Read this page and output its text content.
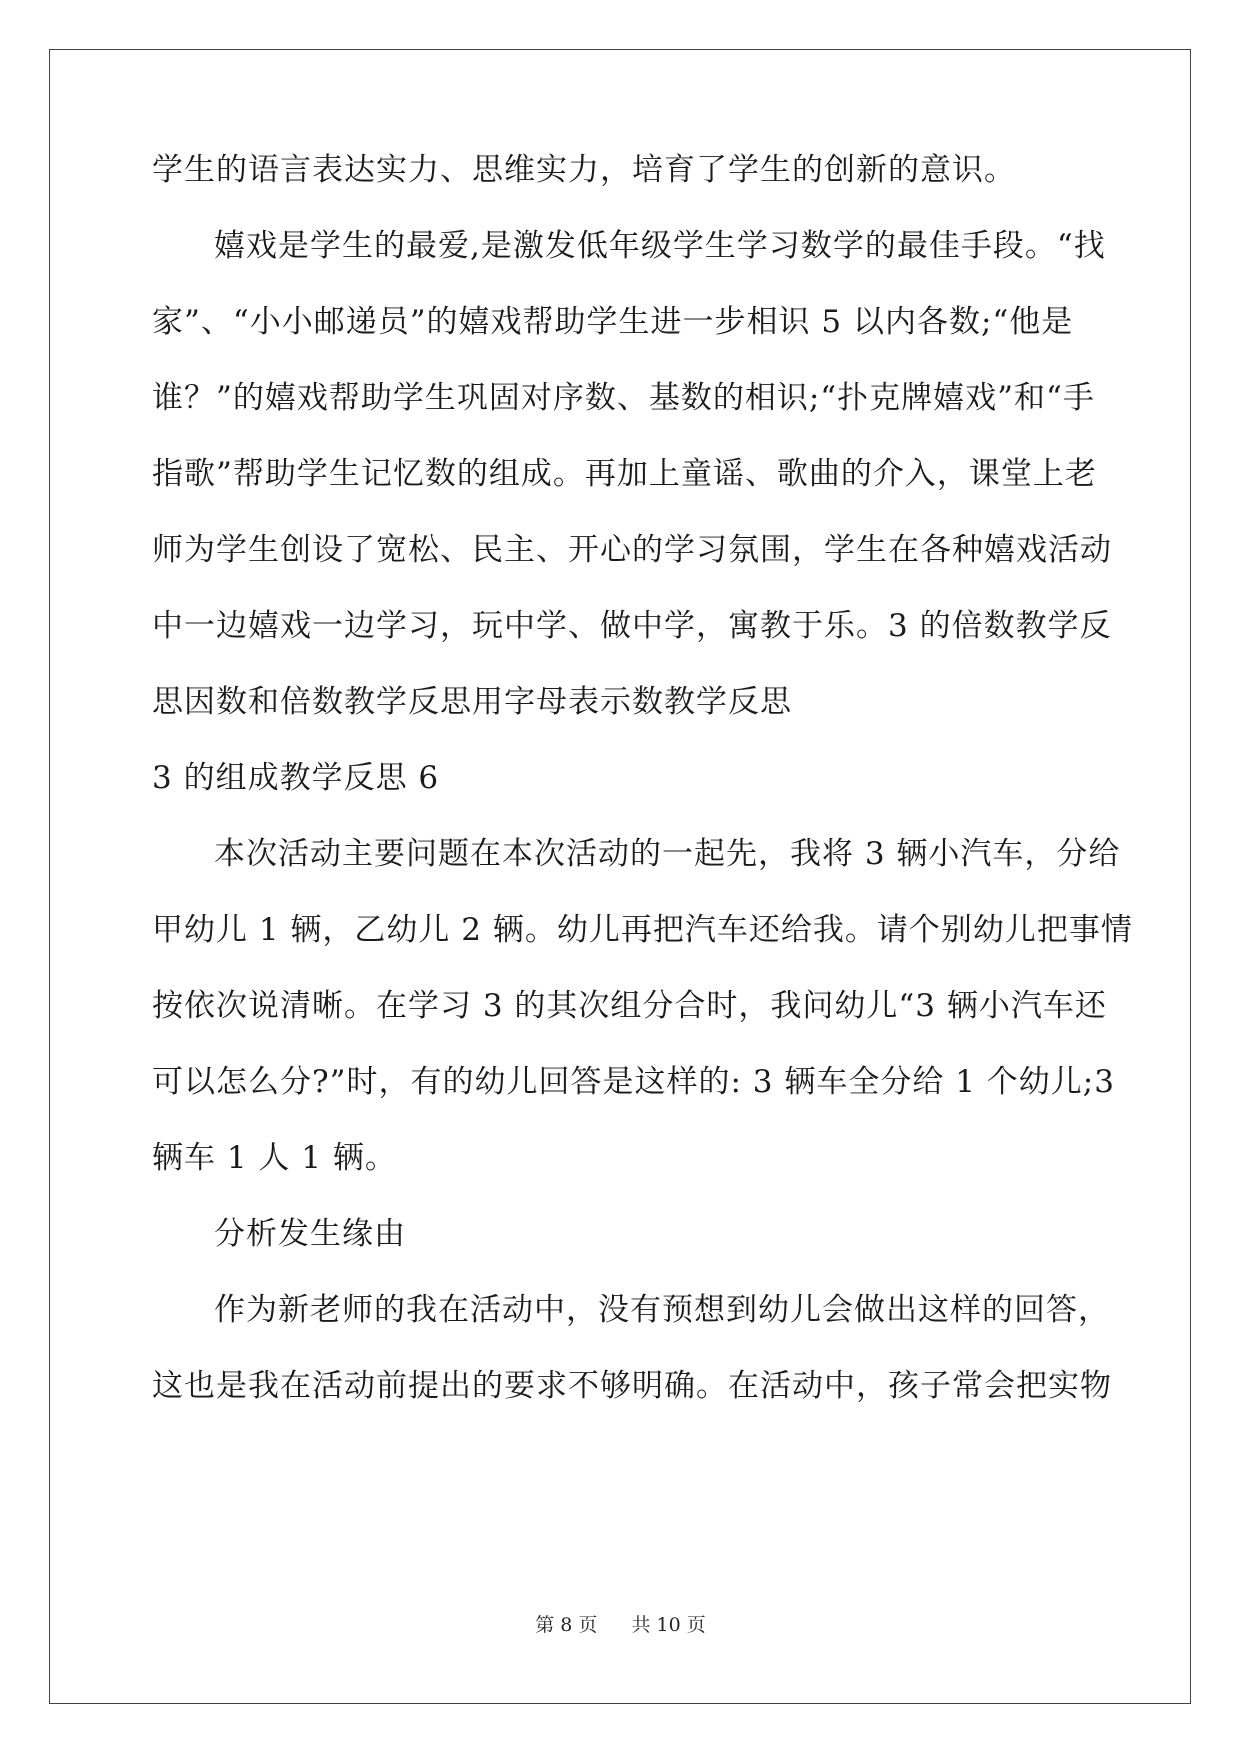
学生的语言表达实力、思维实力，培育了学生的创新的意识。
嬉戏是学生的最爱,是激发低年级学生学习数学的最佳手段。“找
家”、“小小邮递员”的嬉戏帮助学生进一步相识 5 以内各数;“他是
谁？”的嬉戏帮助学生巩固对序数、基数的相识;“扑克牌嬉戏”和“手
指歌”帮助学生记忆数的组成。再加上童谣、歌曲的介入，课堂上老
师为学生创设了宽松、民主、开心的学习氛围，学生在各种嬉戏活动
中一边嬉戏一边学习，玩中学、做中学，寓教于乐。3 的倍数教学反
思因数和倍数教学反思用字母表示数教学反思
3 的组成教学反思 6
本次活动主要问题在本次活动的一起先，我将 3 辆小汽车，分给
甲幼儿 1 辆，乙幼儿 2 辆。幼儿再把汽车还给我。请个别幼儿把事情
按依次说清晰。在学习 3 的其次组分合时，我问幼儿“3 辆小汽车还
可以怎么分?”时，有的幼儿回答是这样的: 3 辆车全分给 1 个幼儿;3
辆车 1 人 1 辆。
分析发生缘由
作为新老师的我在活动中，没有预想到幼儿会做出这样的回答，
这也是我在活动前提出的要求不够明确。在活动中，孩子常会把实物
第 8 页 共 10 页
